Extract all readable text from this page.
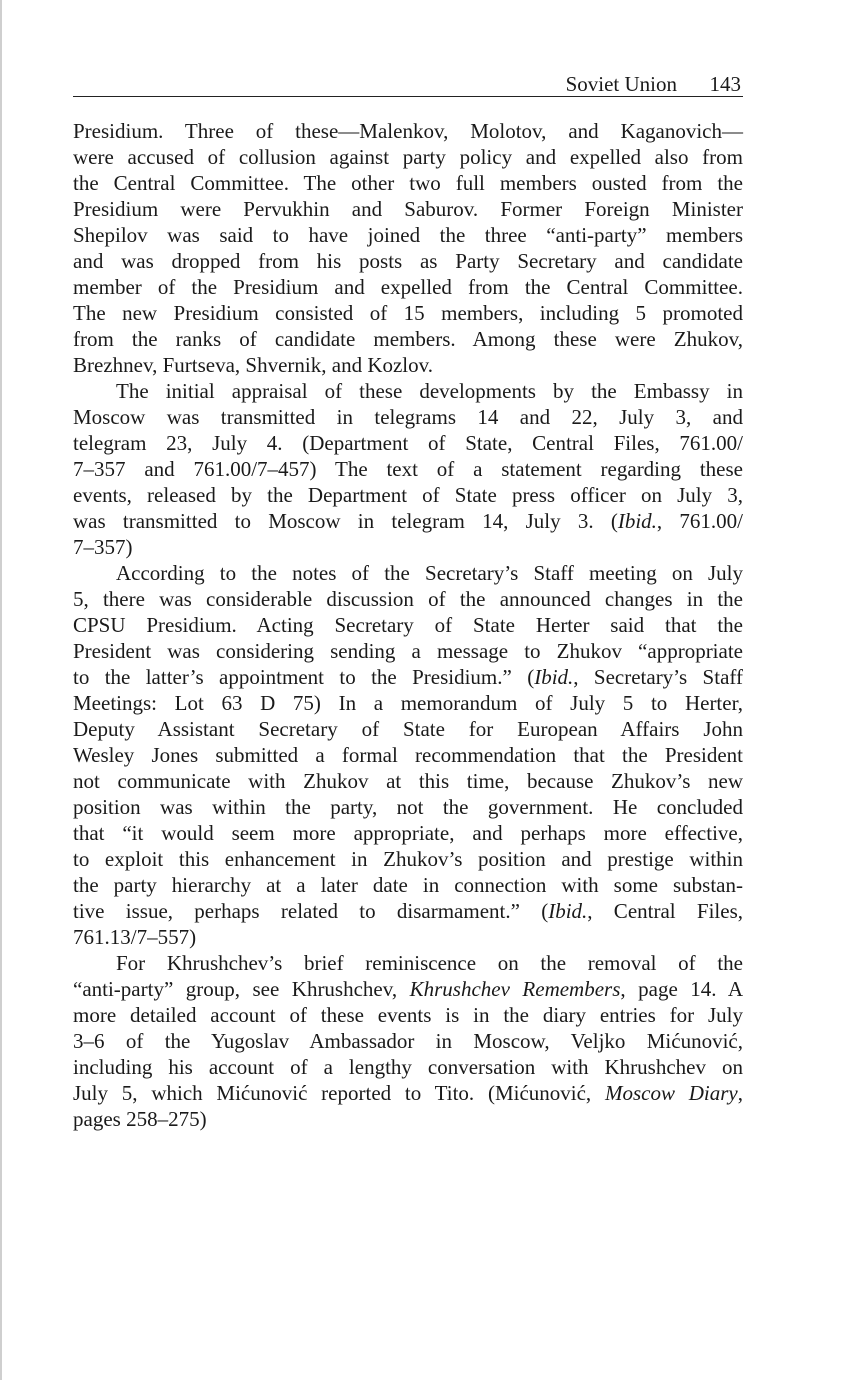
Soviet Union 143
Presidium. Three of these—Malenkov, Molotov, and Kaganovich—
were accused of collusion against party policy and expelled also from
the Central Committee. The other two full members ousted from the
Presidium were Pervukhin and Saburov. Former Foreign Minister
Shepilov was said to have joined the three “anti-party” members
and was dropped from his posts as Party Secretary and candidate
member of the Presidium and expelled from the Central Committee.
The new Presidium consisted of 15 members, including 5 promoted
from the ranks of candidate members. Among these were Zhukov,
Brezhnev, Furtseva, Shvernik, and Kozlov.
The initial appraisal of these developments by the Embassy in
Moscow was transmitted in telegrams 14 and 22, July 3, and
telegram 23, July 4. (Department of State, Central Files, 761.00/
7–357 and 761.00/7–457) The text of a statement regarding these
events, released by the Department of State press officer on July 3,
was transmitted to Moscow in telegram 14, July 3. (Ibid., 761.00/
7–357)
According to the notes of the Secretary’s Staff meeting on July
5, there was considerable discussion of the announced changes in the
CPSU Presidium. Acting Secretary of State Herter said that the
President was considering sending a message to Zhukov “appropriate
to the latter’s appointment to the Presidium.” (Ibid., Secretary’s Staff
Meetings: Lot 63 D 75) In a memorandum of July 5 to Herter,
Deputy Assistant Secretary of State for European Affairs John
Wesley Jones submitted a formal recommendation that the President
not communicate with Zhukov at this time, because Zhukov’s new
position was within the party, not the government. He concluded
that “it would seem more appropriate, and perhaps more effective,
to exploit this enhancement in Zhukov’s position and prestige within
the party hierarchy at a later date in connection with some substan-
tive issue, perhaps related to disarmament.” (Ibid., Central Files,
761.13/7–557)
For Khrushchev’s brief reminiscence on the removal of the
“anti-party” group, see Khrushchev, Khrushchev Remembers, page 14. A
more detailed account of these events is in the diary entries for July
3–6 of the Yugoslav Ambassador in Moscow, Veljko Mićunović,
including his account of a lengthy conversation with Khrushchev on
July 5, which Mićunović reported to Tito. (Mićunović, Moscow Diary,
pages 258–275)
